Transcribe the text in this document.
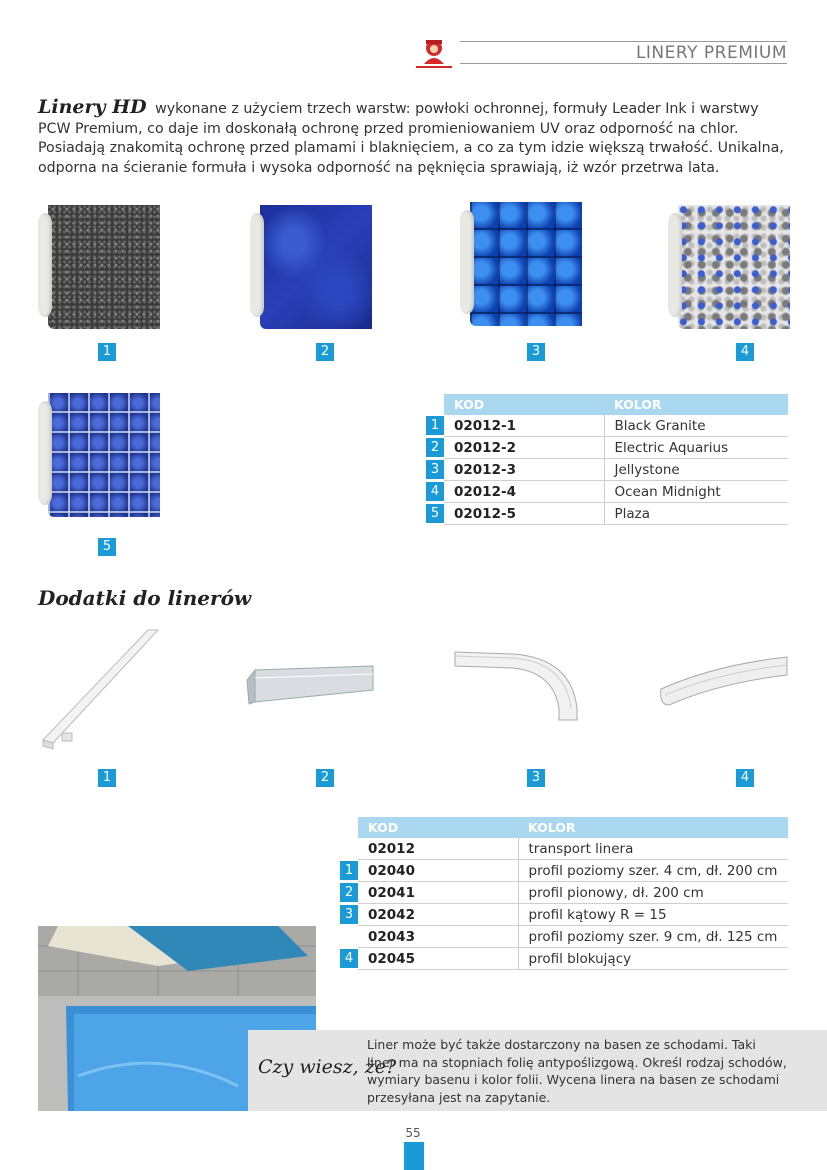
LINERY PREMIUM
Linery HD wykonane z użyciem trzech warstw: powłoki ochronnej, formuły Leader Ink i warstwy PCW Premium, co daje im doskonałą ochronę przed promieniowaniem UV oraz odporność na chlor. Posiadają znakomitą ochronę przed plamami i blaknięciem, a co za tym idzie większą trwałość. Unikalna, odporna na ścieranie formuła i wysoka odporność na pęknięcia sprawiają, iż wzór przetrwa lata.
1	2	3	4
5
	KOD	KOLOR
1	02012-1	Black Granite
2	02012-2	Electric Aquarius
3	02012-3	Jellystone
4	02012-4	Ocean Midnight
5	02012-5	Plaza
Dodatki do linerów
1	2	3	4
	KOD	KOLOR
	02012	transport linera
1	02040	profil poziomy szer. 4 cm, dł. 200 cm
2	02041	profil pionowy, dł. 200 cm
3	02042	profil kątowy R = 15
	02043	profil poziomy szer. 9 cm, dł. 125 cm
4	02045	profil blokujący
Czy wiesz, że?
Liner może być także dostarczony na basen ze schodami. Taki liner ma na stopniach folię antypoślizgową. Określ rodzaj schodów, wymiary basenu i kolor folii. Wycena linera na basen ze schodami przesyłana jest na zapytanie.
55
